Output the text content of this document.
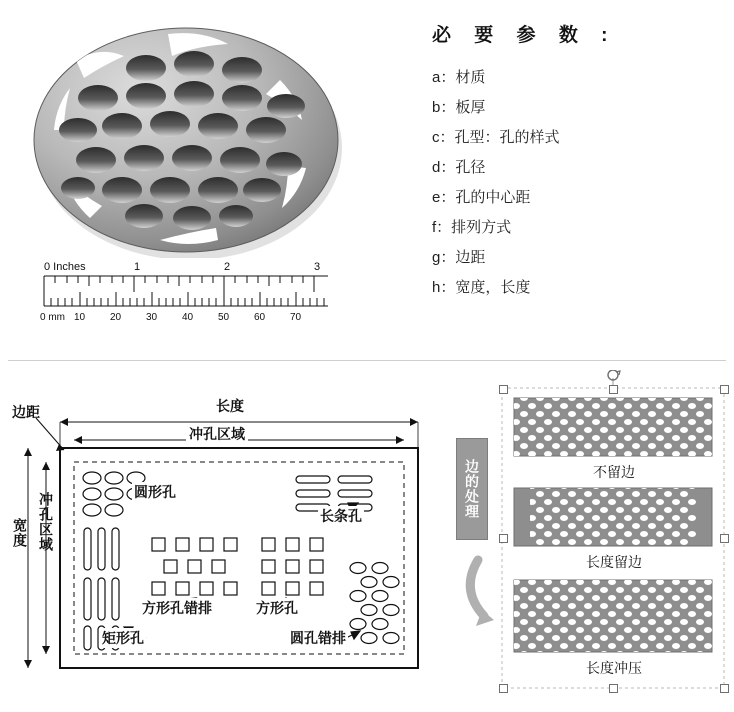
0 Inches	1	2	3
0 mm 10 20 30 40 50 60 70
必 要 参 数 :
a：材质
b：板厚
c：孔型：孔的样式
d：孔径
e：孔的中心距
f：排列方式
g：边距
h：宽度，长度
边距	长度
冲孔区域
宽度 冲孔区域	圆形孔
长条孔
方形孔错排	方形孔
矩形孔	圆孔错排
边的处理	不留边
长度留边
长度冲压
